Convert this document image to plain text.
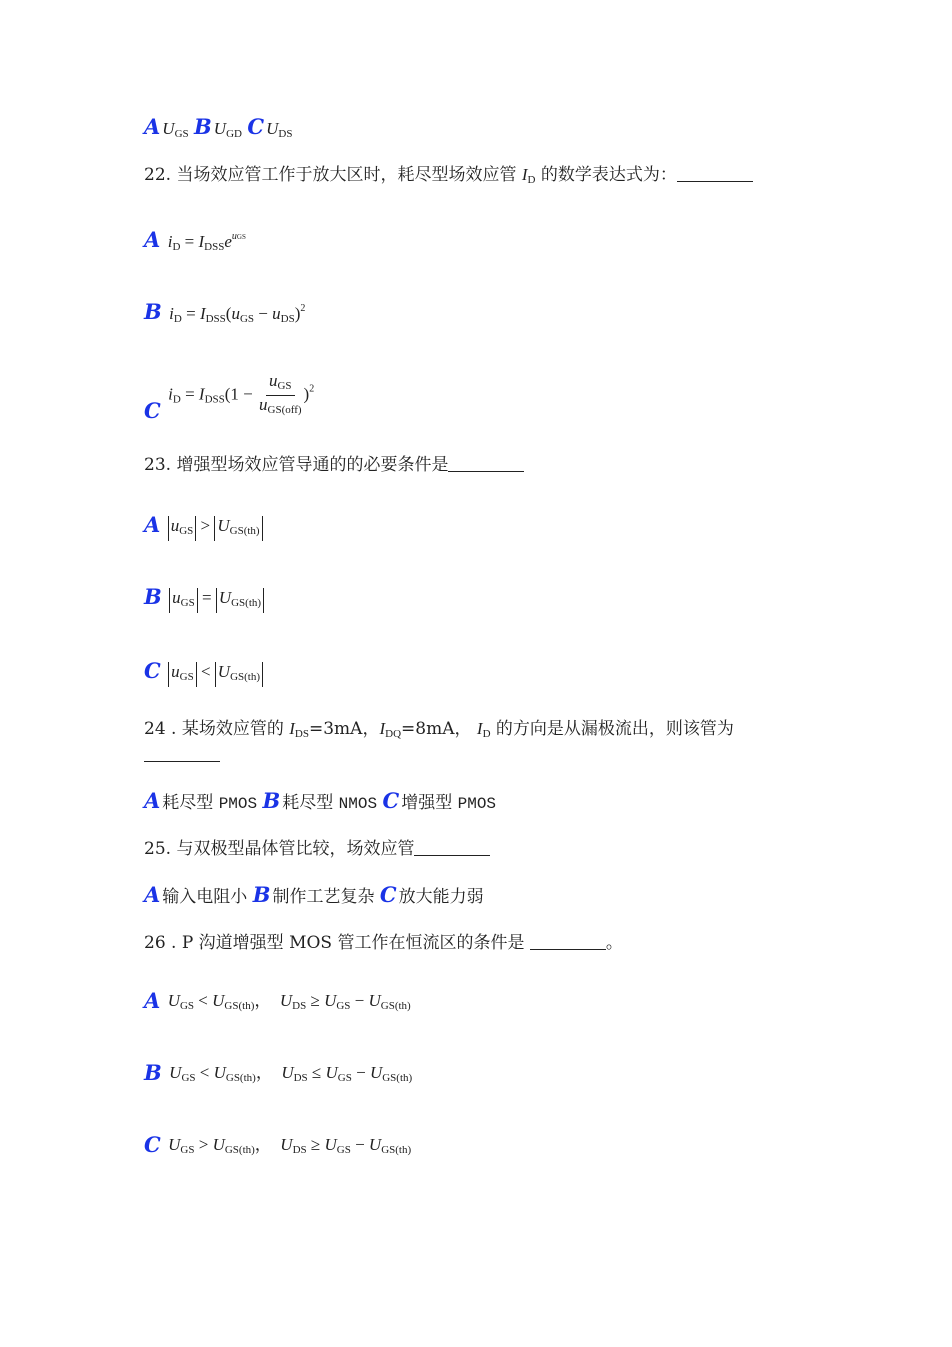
A $U_{GS}$ B $U_{GD}$ C $U_{DS}$
22. 当场效应管工作于放大区时，耗尽型场效应管 $I_D$ 的数学表达式为：
A $i_D = I_{DSS}e^{uGS}$
B $i_D = I_{DSS}(u_{GS} - u_{DS})^2$
C $i_D = I_{DSS}(1 - \frac{u_{GS}}{u_{GS(off)}} )^2$
23. 增强型场效应管导通的的必要条件是
A $u_{GS} > U_{GS(th)}$
B $u_{GS} = U_{GS(th)}$
C $u_{GS} < U_{GS(th)}$
24 . 某场效应管的 $I_{DS}=3mA$，$I_{DQ}=8mA$， $I_D$ 的方向是从漏极流出，则该管为
A 耗尽型 PMOS B 耗尽型 NMOS C 增强型 PMOS
25. 与双极型晶体管比较，场效应管
A 输入电阻小 B 制作工艺复杂 C 放大能力弱
26 . P 沟道增强型 MOS 管工作在恒流区的条件是	。
A $U_{GS} < U_{GS(th)}$， $U_{DS} \ge U_{GS} - U_{GS(th)}$
B $U_{GS} < U_{GS(th)}$， $U_{DS} \le U_{GS} - U_{GS(th)}$
C $U_{GS} > U_{GS(th)}$， $U_{DS} \ge U_{GS} - U_{GS(th)}$
